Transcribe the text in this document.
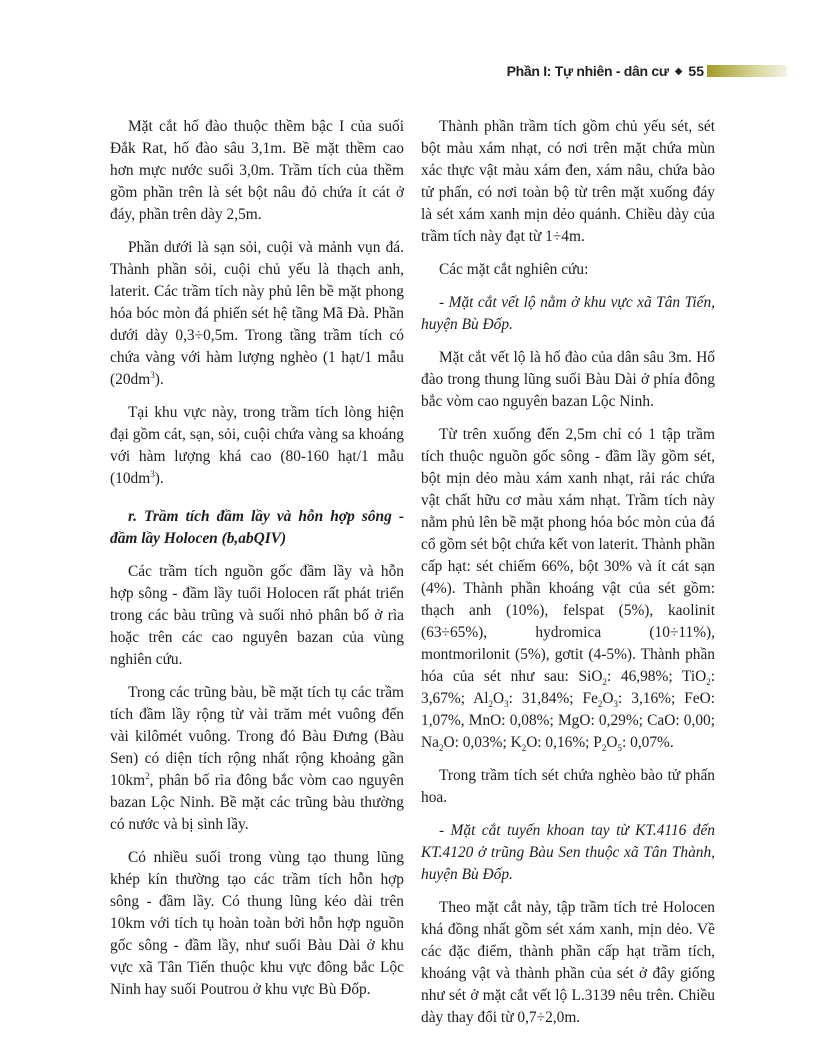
Phần I: Tự nhiên - dân cư ◆ 55

Mặt cắt hố đào thuộc thềm bậc I của suối Đắk Rat, hố đào sâu 3,1m. Bề mặt thềm cao hơn mực nước suối 3,0m. Trầm tích của thềm gồm phần trên là sét bột nâu đỏ chứa ít cát ở đáy, phần trên dày 2,5m.

Phần dưới là sạn sỏi, cuội và mảnh vụn đá. Thành phần sỏi, cuội chủ yếu là thạch anh, laterit. Các trầm tích này phủ lên bề mặt phong hóa bóc mòn đá phiến sét hệ tầng Mã Đà. Phần dưới dày 0,3÷0,5m. Trong tầng trầm tích có chứa vàng với hàm lượng nghèo (1 hạt/1 mẫu $(20dm^3)$.

Tại khu vực này, trong trầm tích lòng hiện đại gồm cát, sạn, sỏi, cuội chứa vàng sa khoáng với hàm lượng khá cao (80-160 hạt/1 mẫu $(10dm^3)$.

r. Trầm tích đầm lầy và hỗn hợp sông - đầm lầy Holocen (b,abQIV)

Các trầm tích nguồn gốc đầm lầy và hỗn hợp sông - đầm lầy tuổi Holocen rất phát triển trong các bàu trũng và suối nhỏ phân bố ở rìa hoặc trên các cao nguyên bazan của vùng nghiên cứu.

Trong các trũng bàu, bề mặt tích tụ các trầm tích đầm lầy rộng từ vài trăm mét vuông đến vài kilômét vuông. Trong đó Bàu Đưng (Bàu Sen) có diện tích rộng nhất rộng khoảng gần $10km^2$, phân bố rìa đông bắc vòm cao nguyên bazan Lộc Ninh. Bề mặt các trũng bàu thường có nước và bị sình lầy.

Có nhiều suối trong vùng tạo thung lũng khép kín thường tạo các trầm tích hỗn hợp sông - đầm lầy. Có thung lũng kéo dài trên 10km với tích tụ hoàn toàn bởi hỗn hợp nguồn gốc sông - đầm lầy, như suối Bàu Dài ở khu vực xã Tân Tiến thuộc khu vực đông bắc Lộc Ninh hay suối Poutrou ở khu vực Bù Đốp.

Thành phần trầm tích gồm chủ yếu sét, sét bột màu xám nhạt, có nơi trên mặt chứa mùn xác thực vật màu xám đen, xám nâu, chứa bào tử phấn, có nơi toàn bộ từ trên mặt xuống đáy là sét xám xanh mịn dẻo quánh. Chiều dày của trầm tích này đạt từ 1÷4m.

Các mặt cắt nghiên cứu:

- Mặt cắt vết lộ nằm ở khu vực xã Tân Tiến, huyện Bù Đốp.

Mặt cắt vết lộ là hố đào của dân sâu 3m. Hố đào trong thung lũng suối Bàu Dài ở phía đông bắc vòm cao nguyên bazan Lộc Ninh.

Từ trên xuống đến 2,5m chỉ có 1 tập trầm tích thuộc nguồn gốc sông - đầm lầy gồm sét, bột mịn dẻo màu xám xanh nhạt, rải rác chứa vật chất hữu cơ màu xám nhạt. Trầm tích này nằm phủ lên bề mặt phong hóa bóc mòn của đá cổ gồm sét bột chứa kết von laterit. Thành phần cấp hạt: sét chiếm 66%, bột 30% và ít cát sạn (4%). Thành phần khoáng vật của sét gồm: thạch anh (10%), felspat (5%), kaolinit (63÷65%), hydromica (10÷11%), montmorilonit (5%), gơtit (4-5%). Thành phần hóa của sét như sau: SiO$_2$: 46,98%; TiO$_2$: 3,67%; $Al_2O_3$: 31,84%; $Fe_2O_3$: 3,16%; FeO: 1,07%, MnO: 0,08%; MgO: 0,29%; CaO: 0,00; $Na_2O$: 0,03%; $K_2O$: 0,16%; $P_2O_5$: 0,07%.

Trong trầm tích sét chứa nghèo bào tử phấn hoa.

- Mặt cắt tuyến khoan tay từ KT.4116 đến KT.4120 ở trũng Bàu Sen thuộc xã Tân Thành, huyện Bù Đốp.

Theo mặt cắt này, tập trầm tích trẻ Holocen khá đồng nhất gồm sét xám xanh, mịn dẻo. Về các đặc điểm, thành phần cấp hạt trầm tích, khoáng vật và thành phần của sét ở đây giống như sét ở mặt cắt vết lộ L.3139 nêu trên. Chiều dày thay đổi từ 0,7÷2,0m.
